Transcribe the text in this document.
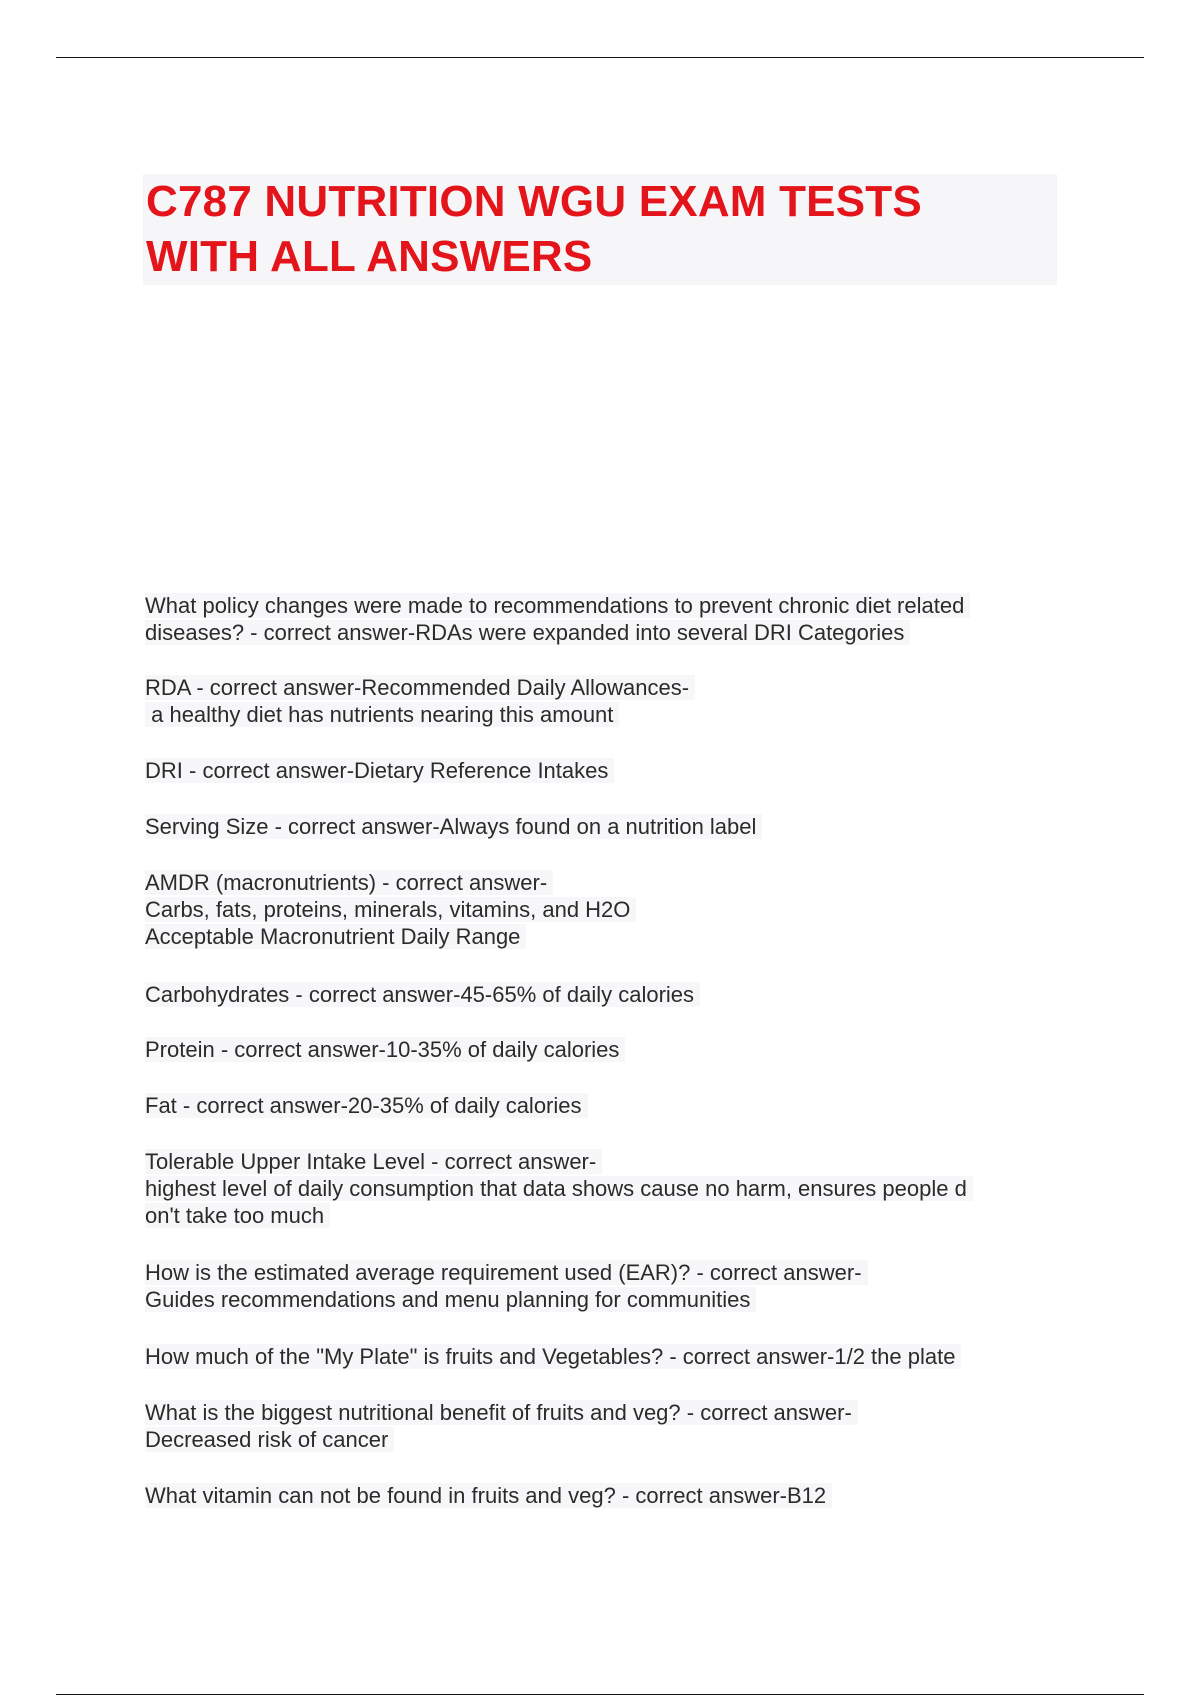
C787 NUTRITION WGU EXAM TESTS
WITH ALL ANSWERS
What policy changes were made to recommendations to prevent chronic diet related
diseases? - correct answer-RDAs were expanded into several DRI Categories
RDA - correct answer-Recommended Daily Allowances-
a healthy diet has nutrients nearing this amount
DRI - correct answer-Dietary Reference Intakes
Serving Size - correct answer-Always found on a nutrition label
AMDR (macronutrients) - correct answer-
Carbs, fats, proteins, minerals, vitamins, and H2O
Acceptable Macronutrient Daily Range
Carbohydrates - correct answer-45-65% of daily calories
Protein - correct answer-10-35% of daily calories
Fat - correct answer-20-35% of daily calories
Tolerable Upper Intake Level - correct answer-
highest level of daily consumption that data shows cause no harm, ensures people d
on't take too much
How is the estimated average requirement used (EAR)? - correct answer-
Guides recommendations and menu planning for communities
How much of the "My Plate" is fruits and Vegetables? - correct answer-1/2 the plate
What is the biggest nutritional benefit of fruits and veg? - correct answer-
Decreased risk of cancer
What vitamin can not be found in fruits and veg? - correct answer-B12
